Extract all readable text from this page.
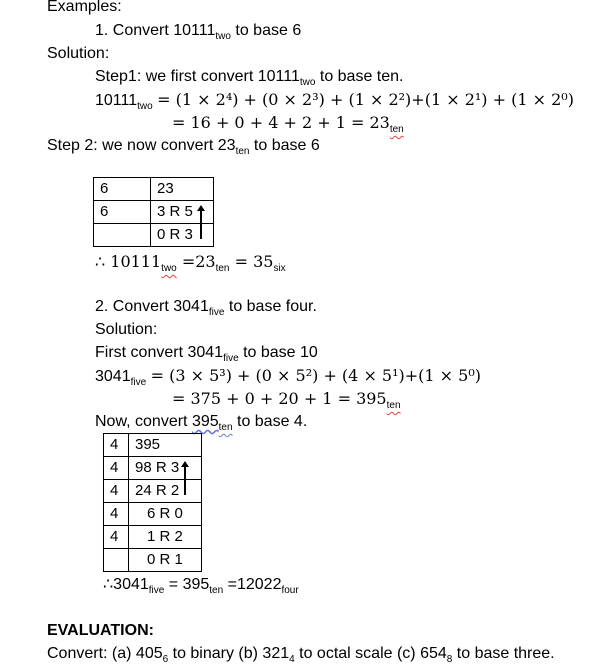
Examples:
1. Convert $10111_{two}$ to base 6
Solution:
Step1: we first convert $10111_{two}$ to base ten.
$10111_{two} = (1 \times 2^4) + (0 \times 2^3) + (1 \times 2^2)+(1 \times 2^1) + (1 \times 2^0)$
= $16 + 0 + 4 + 2 + 1 = 23_{ten}$
Step 2: we now convert $23_{ten}$ to base 6
6	23
6	3 R 5
	0 R 3
∴ $10111_{two} =23_{ten} = 35_{six}$
2. Convert $3041_{five}$ to base four.
Solution:
First convert $3041_{five}$ to base 10
$3041_{five} = (3 \times 5^3) + (0 \times 5^2) + (4 \times 5^1)+(1 \times 5^0)$
= $375 + 0 + 20 + 1 = 395_{ten}$
Now, convert $395_{ten}$ to base 4.
4	395
4	98 R 3
4	24 R 2
4	6 R 0
4	1 R 2
	0 R 1
$\therefore 3041_{five} = 395_{ten} =12022_{four}$
EVALUATION:
Convert: (a) $405_6$ to binary (b) $321_4$ to octal scale (c) $654_8$ to base three.
